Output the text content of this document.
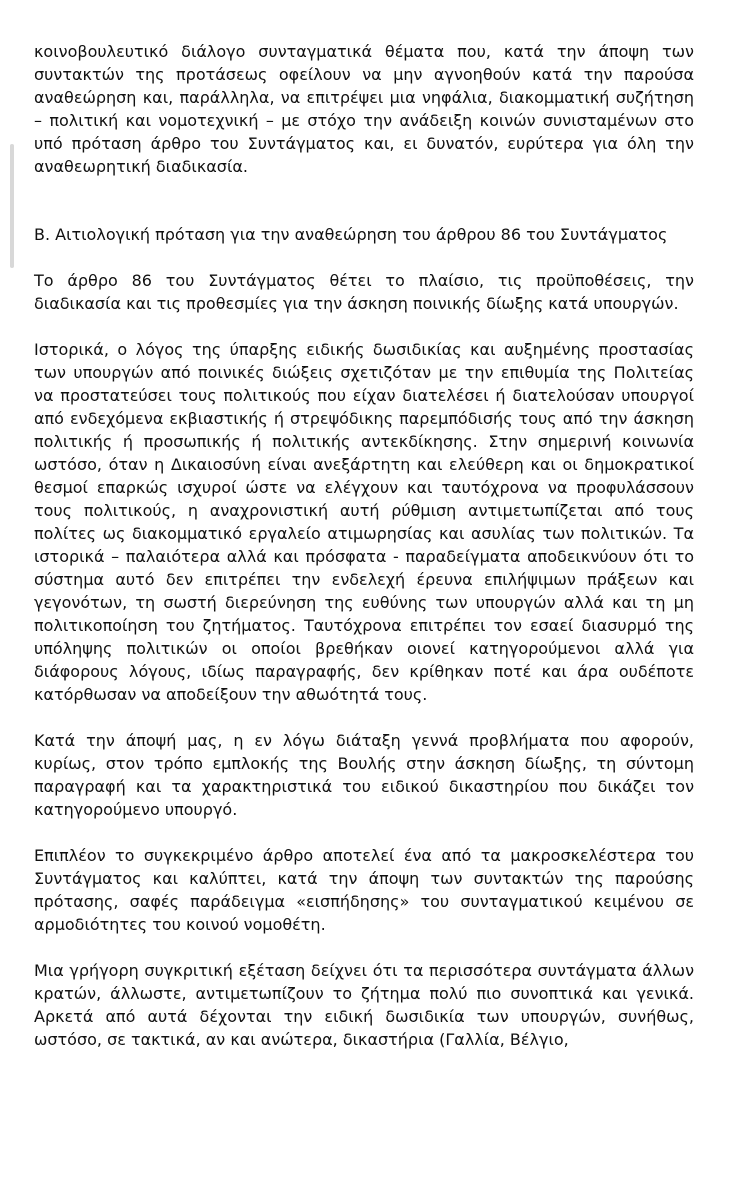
κοινοβουλευτικό διάλογο συνταγματικά θέματα που, κατά την άποψη των συντακτών της προτάσεως οφείλουν να μην αγνοηθούν κατά την παρούσα αναθεώρηση και, παράλληλα, να επιτρέψει μια νηφάλια, διακομματική συζήτηση – πολιτική και νομοτεχνική – με στόχο την ανάδειξη κοινών συνισταμένων στο υπό πρόταση άρθρο του Συντάγματος και, ει δυνατόν, ευρύτερα για όλη την αναθεωρητική διαδικασία.

Β. Αιτιολογική πρόταση για την αναθεώρηση του άρθρου 86 του Συντάγματος

Το άρθρο 86 του Συντάγματος θέτει το πλαίσιο, τις προϋποθέσεις, την διαδικασία και τις προθεσμίες για την άσκηση ποινικής δίωξης κατά υπουργών.

Ιστορικά, ο λόγος της ύπαρξης ειδικής δωσιδικίας και αυξημένης προστασίας των υπουργών από ποινικές διώξεις σχετιζόταν με την επιθυμία της Πολιτείας να προστατεύσει τους πολιτικούς που είχαν διατελέσει ή διατελούσαν υπουργοί από ενδεχόμενα εκβιαστικής ή στρεψόδικης παρεμπόδισής τους από την άσκηση πολιτικής ή προσωπικής ή πολιτικής αντεκδίκησης. Στην σημερινή κοινωνία ωστόσο, όταν η Δικαιοσύνη είναι ανεξάρτητη και ελεύθερη και οι δημοκρατικοί θεσμοί επαρκώς ισχυροί ώστε να ελέγχουν και ταυτόχρονα να προφυλάσσουν τους πολιτικούς, η αναχρονιστική αυτή ρύθμιση αντιμετωπίζεται από τους πολίτες ως διακομματικό εργαλείο ατιμωρησίας και ασυλίας των πολιτικών. Τα ιστορικά – παλαιότερα αλλά και πρόσφατα - παραδείγματα αποδεικνύουν ότι το σύστημα αυτό δεν επιτρέπει την ενδελεχή έρευνα επιλήψιμων πράξεων και γεγονότων, τη σωστή διερεύνηση της ευθύνης των υπουργών αλλά και τη μη πολιτικοποίηση του ζητήματος. Ταυτόχρονα επιτρέπει τον εσαεί διασυρμό της υπόληψης πολιτικών οι οποίοι βρεθήκαν οιονεί κατηγορούμενοι αλλά για διάφορους λόγους, ιδίως παραγραφής, δεν κρίθηκαν ποτέ και άρα ουδέποτε κατόρθωσαν να αποδείξουν την αθωότητά τους.

Κατά την άποψή μας, η εν λόγω διάταξη γεννά προβλήματα που αφορούν, κυρίως, στον τρόπο εμπλοκής της Βουλής στην άσκηση δίωξης, τη σύντομη παραγραφή και τα χαρακτηριστικά του ειδικού δικαστηρίου που δικάζει τον κατηγορούμενο υπουργό.

Επιπλέον το συγκεκριμένο άρθρο αποτελεί ένα από τα μακροσκελέστερα του Συντάγματος και καλύπτει, κατά την άποψη των συντακτών της παρούσης πρότασης, σαφές παράδειγμα «εισπήδησης» του συνταγματικού κειμένου σε αρμοδιότητες του κοινού νομοθέτη.

Μια γρήγορη συγκριτική εξέταση δείχνει ότι τα περισσότερα συντάγματα άλλων κρατών, άλλωστε, αντιμετωπίζουν το ζήτημα πολύ πιο συνοπτικά και γενικά. Αρκετά από αυτά δέχονται την ειδική δωσιδικία των υπουργών, συνήθως, ωστόσο, σε τακτικά, αν και ανώτερα, δικαστήρια (Γαλλία, Βέλγιο,
